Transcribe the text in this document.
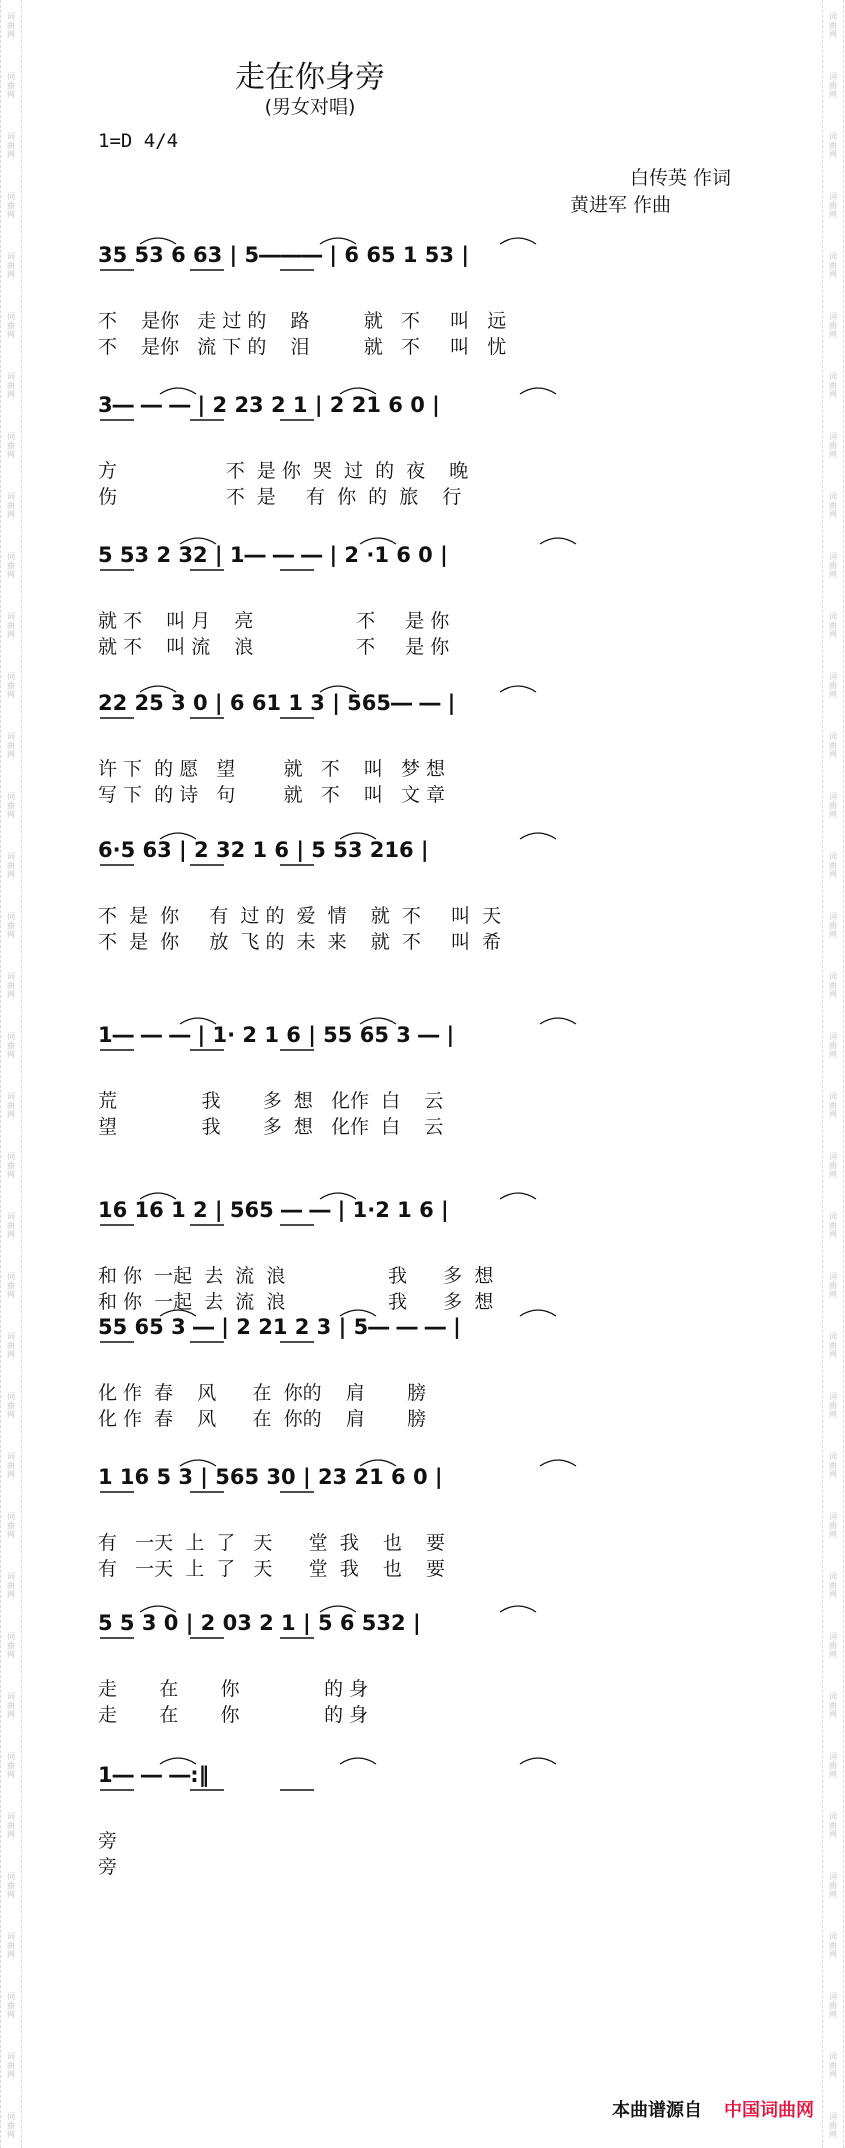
词
曲
网
词
曲
网
词
曲
网
词
曲
网
词
曲
网
词
曲
网
词
曲
网
词
曲
网
词
曲
网
词
曲
网
词
曲
网
词
曲
网
词
曲
网
词
曲
网
词
曲
网
词
曲
网
词
曲
网
词
曲
网
词
曲
网
词
曲
网
词
曲
网
词
曲
网
词
曲
网
词
曲
网
词
曲
网
词
曲
网
词
曲
网
词
曲
网
词
曲
网
词
曲
网
词
曲
网
词
曲
网
词
曲
网
词
曲
网
词
曲
网
词
曲
网
词
曲
网
词
曲
网
词
曲
网
词
曲
网
词
曲
网
词
曲
网
词
曲
网
词
曲
网
词
曲
网
词
曲
网
词
曲
网
词
曲
网
词
曲
网
词
曲
网
词
曲
网
词
曲
网
词
曲
网
词
曲
网
词
曲
网
词
曲
网
词
曲
网
词
曲
网
词
曲
网
词
曲
网
词
曲
网
词
曲
网
词
曲
网
词
曲
网
词
曲
网
词
曲
网
词
曲
网
词
曲
网
词
曲
网
词
曲
网
词
曲
网
词
曲
网
走在你身旁
(男女对唱)
1=D 4/4
白传英 作词
黄进军 作曲
35 53 6 63 | 5――― | 6 65 1 53 |
不    是你   走 过 的    路         就   不     叫   远
不    是你   流 下 的    泪         就   不     叫   忧
3― ― ― | 2 23 2 1 | 2 21 6 0 |
方                  不  是 你  哭  过  的  夜    晚
伤                  不  是     有  你  的  旅    行
5 53 2 32 | 1― ― ― | 2 ·1 6 0 |
就 不    叫 月    亮                 不     是 你
就 不    叫 流    浪                 不     是 你
22 25 3 0 | 6 61 1 3 | 565― ― |
许 下  的 愿   望        就   不    叫   梦 想
写 下  的 诗   句        就   不    叫   文 章
6·5 63 | 2 32 1 6 | 5 53 216 |
不  是  你     有  过 的  爱  情    就  不     叫  天
不  是  你     放  飞 的  未  来    就  不     叫  希
1― ― ― | 1· 2 1 6 | 55 65 3 ― |
荒              我       多  想   化作  白    云
望              我       多  想   化作  白    云
16 16 1 2 | 565 ― ― | 1·2 1 6 |
和 你  一起  去  流  浪                 我      多  想
和 你  一起  去  流  浪                 我      多  想
55 65 3 ― | 2 21 2 3 | 5― ― ― |
化 作  春    风      在  你的    肩       膀
化 作  春    风      在  你的    肩       膀
1 16 5 3 | 565 30 | 23 21 6 0 |
有   一天  上  了   天      堂  我    也    要
有   一天  上  了   天      堂  我    也    要
5 5 3 0 | 2 03 2 1 | 5 6 532 |
走       在       你              的 身
走       在       你              的 身
1― ― ―:‖
旁
旁
本曲谱源自 中国词曲网
